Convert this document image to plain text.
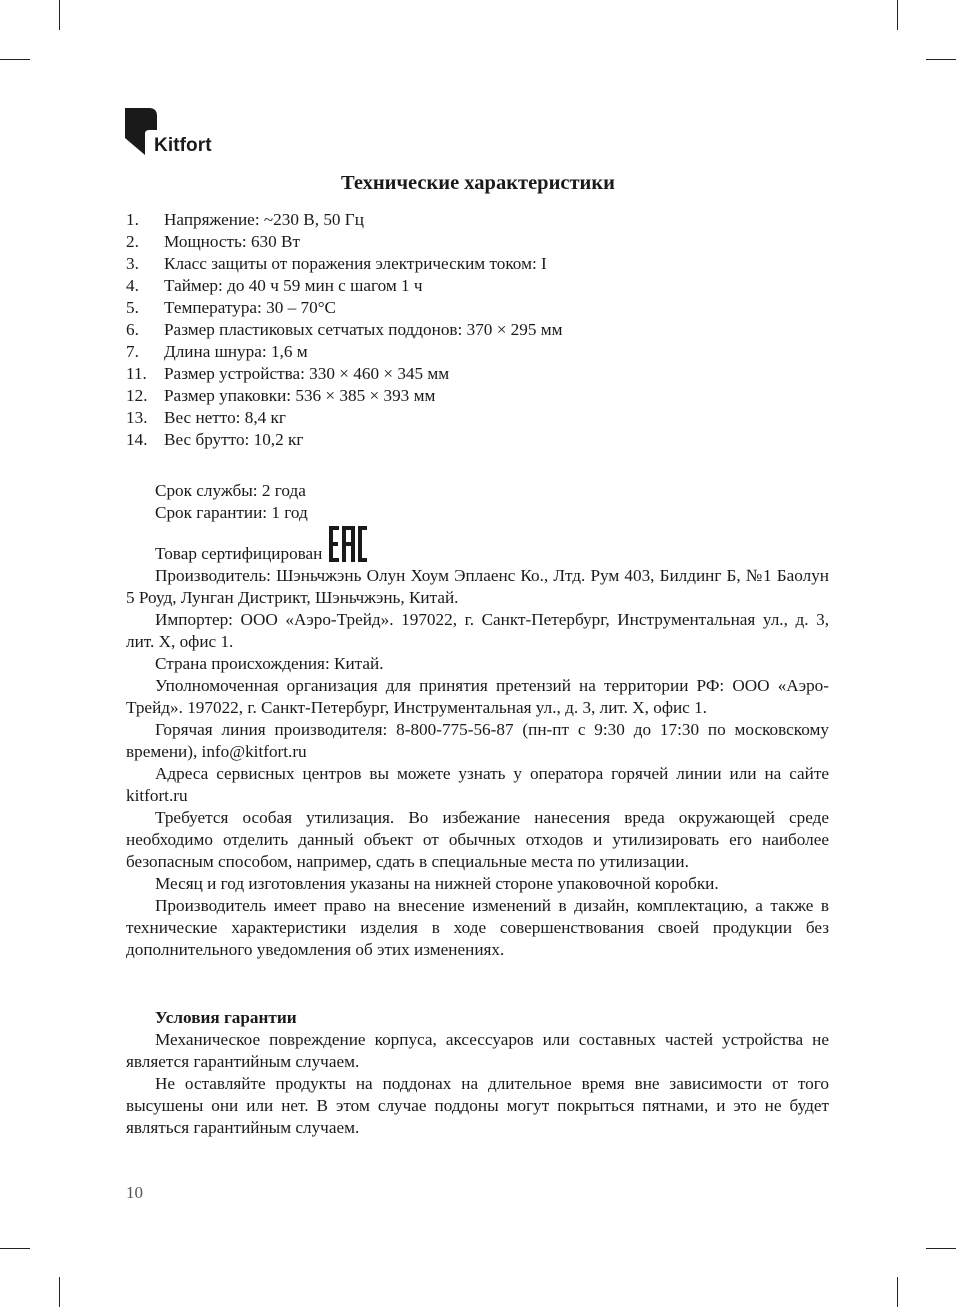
Kitfort
Технические характеристики
1. Напряжение: ~230 В, 50 Гц
2. Мощность: 630 Вт
3. Класс защиты от поражения электрическим током: I
4. Таймер: до 40 ч 59 мин с шагом 1 ч
5. Температура: 30 – 70°C
6. Размер пластиковых сетчатых поддонов: 370 × 295 мм
7. Длина шнура: 1,6 м
11. Размер устройства: 330 × 460 × 345 мм
12. Размер упаковки: 536 × 385 × 393 мм
13. Вес нетто: 8,4 кг
14. Вес брутто: 10,2 кг

Срок службы: 2 года

Срок гарантии: 1 год

Товар сертифицирован

Производитель: Шэньчжэнь Олун Хоум Эплаенс Ко., Лтд. Рум 403, Билдинг Б, №1 Баолун 5 Роуд, Лунган Дистрикт, Шэньчжэнь, Китай.

Импортер: ООО «Аэро-Трейд». 197022, г. Санкт-Петербург, Инструментальная ул., д. 3, лит. Х, офис 1.

Страна происхождения: Китай.

Уполномоченная организация для принятия претензий на территории РФ: ООО «Аэро-Трейд». 197022, г. Санкт-Петербург, Инструментальная ул., д. 3, лит. Х, офис 1.

Горячая линия производителя: 8-800-775-56-87 (пн-пт с 9:30 до 17:30 по московскому времени), info@kitfort.ru

Адреса сервисных центров вы можете узнать у оператора горячей линии или на сайте kitfort.ru

Требуется особая утилизация. Во избежание нанесения вреда окружающей среде необходимо отделить данный объект от обычных отходов и утилизировать его наиболее безопасным способом, например, сдать в специальные места по утилизации.

Месяц и год изготовления указаны на нижней стороне упаковочной коробки.

Производитель имеет право на внесение изменений в дизайн, комплектацию, а также в технические характеристики изделия в ходе совершенствования своей продукции без дополнительного уведомления об этих изменениях.

Условия гарантии

Механическое повреждение корпуса, аксессуаров или составных частей устройства не является гарантийным случаем.

Не оставляйте продукты на поддонах на длительное время вне зависимости от того высушены они или нет. В этом случае поддоны могут покрыться пятнами, и это не будет являться гарантийным случаем.

10
